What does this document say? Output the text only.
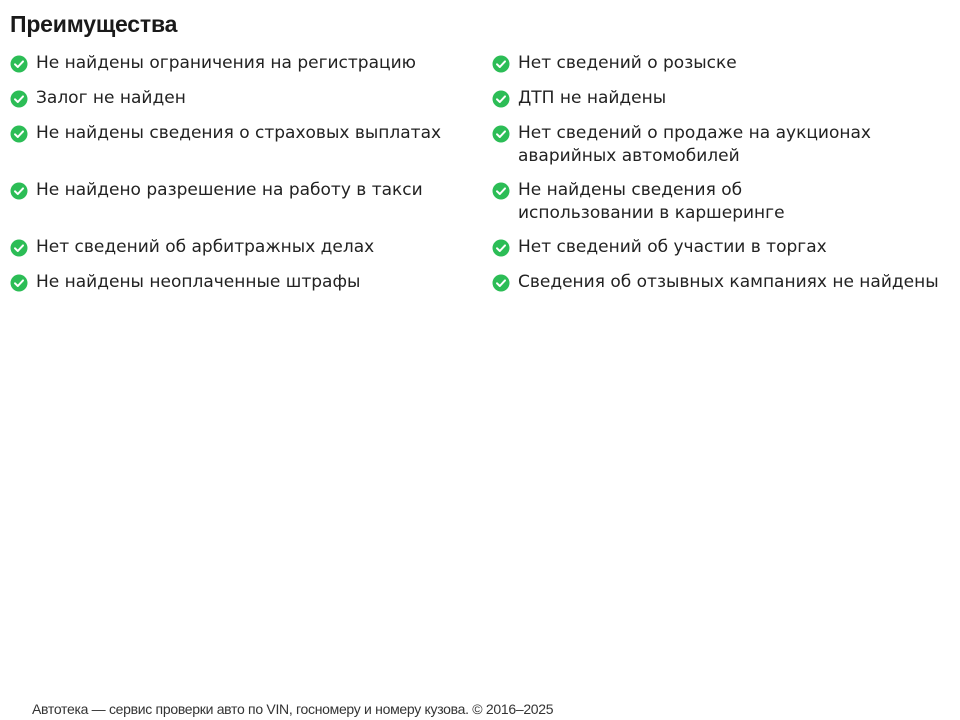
Преимущества
Не найдены ограничения на регистрацию
Залог не найден
Не найдены сведения о страховых выплатах
Не найдено разрешение на работу в такси
Нет сведений об арбитражных делах
Не найдены неоплаченные штрафы
Нет сведений о розыске
ДТП не найдены
Нет сведений о продаже на аукционах аварийных автомобилей
Не найдены сведения об использовании в каршеринге
Нет сведений об участии в торгах
Сведения об отзывных кампаниях не найдены
Автотека — сервис проверки авто по VIN, госномеру и номеру кузова. © 2016–2025
